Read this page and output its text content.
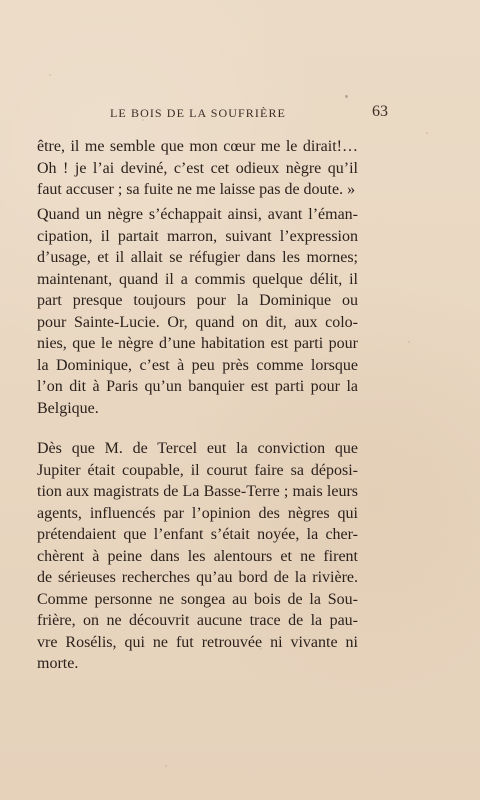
LE BOIS DE LA SOUFRIÈRE	63
être, il me semble que mon cœur me le dirait!…
Oh ! je l’ai deviné, c’est cet odieux nègre qu’il
faut accuser ; sa fuite ne me laisse pas de doute. »
Quand un nègre s’échappait ainsi, avant l’éman-
cipation, il partait marron, suivant l’expression
d’usage, et il allait se réfugier dans les mornes;
maintenant, quand il a commis quelque délit, il
part presque toujours pour la Dominique ou
pour Sainte-Lucie. Or, quand on dit, aux colo-
nies, que le nègre d’une habitation est parti pour
la Dominique, c’est à peu près comme lorsque
l’on dit à Paris qu’un banquier est parti pour la
Belgique.
Dès que M. de Tercel eut la conviction que
Jupiter était coupable, il courut faire sa déposi-
tion aux magistrats de La Basse-Terre ; mais leurs
agents, influencés par l’opinion des nègres qui
prétendaient que l’enfant s’était noyée, la cher-
chèrent à peine dans les alentours et ne firent
de sérieuses recherches qu’au bord de la rivière.
Comme personne ne songea au bois de la Sou-
frière, on ne découvrit aucune trace de la pau-
vre Rosélis, qui ne fut retrouvée ni vivante ni
morte.
